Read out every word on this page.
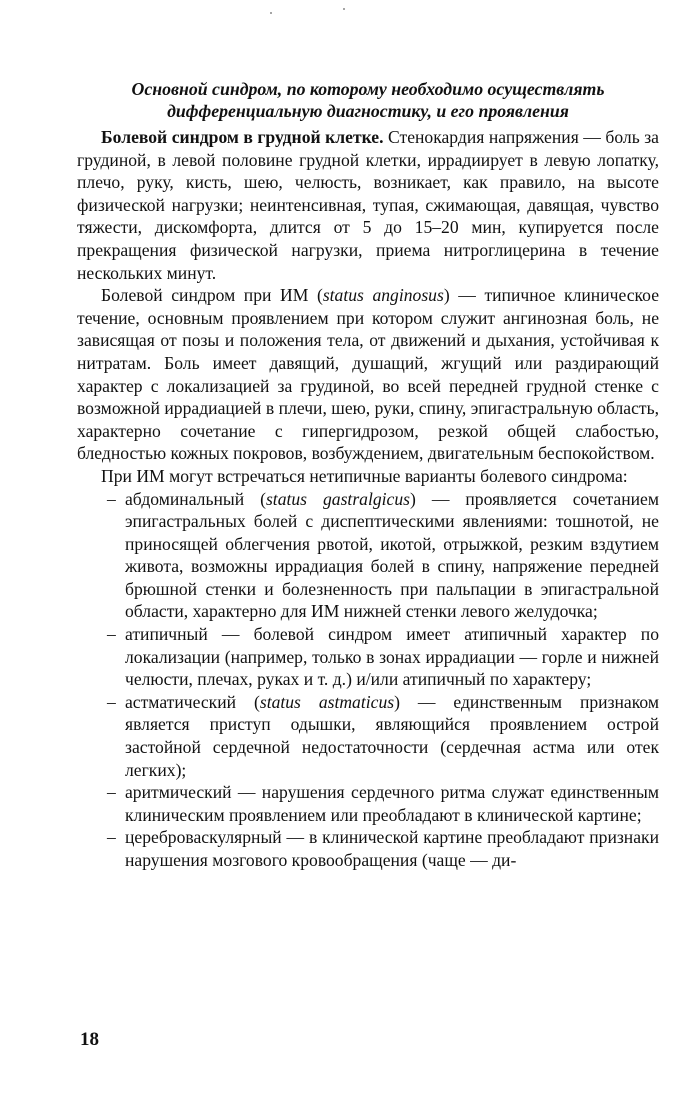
Основной синдром, по которому необходимо осуществлять
дифференциальную диагностику, и его проявления

Болевой синдром в грудной клетке. Стенокардия напряжения — боль за грудиной, в левой половине грудной клетки, иррадиирует в левую лопатку, плечо, руку, кисть, шею, челюсть, возникает, как правило, на высоте физической нагрузки; неинтенсивная, тупая, сжимающая, давящая, чувство тяжести, дискомфорта, длится от 5 до 15–20 мин, купируется после прекращения физической нагрузки, приема нитроглицерина в течение нескольких минут.

Болевой синдром при ИМ (status anginosus) — типичное клиническое течение, основным проявлением при котором служит ангинозная боль, не зависящая от позы и положения тела, от движений и дыхания, устойчивая к нитратам. Боль имеет давящий, душащий, жгущий или раздирающий характер с локализацией за грудиной, во всей передней грудной стенке с возможной иррадиацией в плечи, шею, руки, спину, эпигастральную область, характерно сочетание с гипергидрозом, резкой общей слабостью, бледностью кожных покровов, возбуждением, двигательным беспокойством.

При ИМ могут встречаться нетипичные варианты болевого синдрома:

– абдоминальный (status gastralgicus) — проявляется сочетанием эпигастральных болей с диспептическими явлениями: тошнотой, не приносящей облегчения рвотой, икотой, отрыжкой, резким вздутием живота, возможны иррадиация болей в спину, напряжение передней брюшной стенки и болезненность при пальпации в эпигастральной области, характерно для ИМ нижней стенки левого желудочка;
– атипичный — болевой синдром имеет атипичный характер по локализации (например, только в зонах иррадиации — горле и нижней челюсти, плечах, руках и т. д.) и/или атипичный по характеру;
– астматический (status astmaticus) — единственным признаком является приступ одышки, являющийся проявлением острой застойной сердечной недостаточности (сердечная астма или отек легких);
– аритмический — нарушения сердечного ритма служат единственным клиническим проявлением или преобладают в клинической картине;
– цереброваскулярный — в клинической картине преобладают признаки нарушения мозгового кровообращения (чаще — ди-
18
